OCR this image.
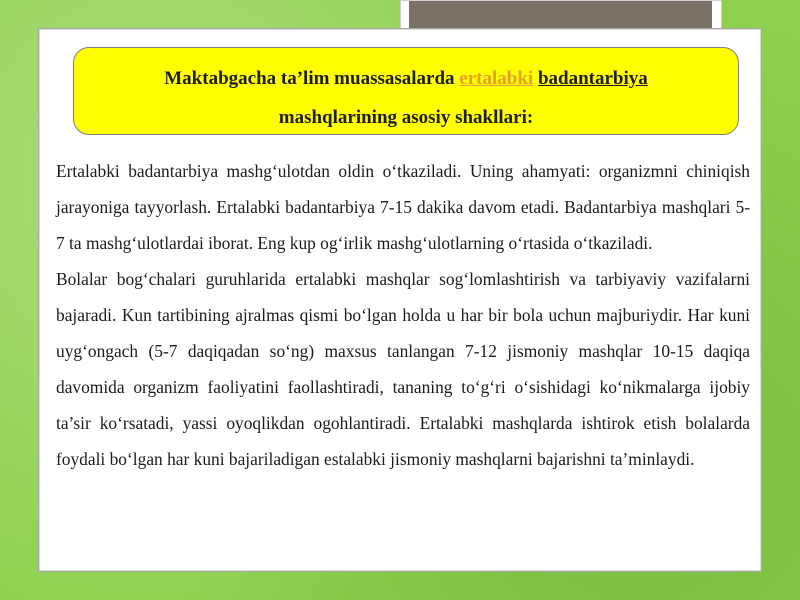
Maktabgacha ta’lim muassasalarda ertalabki badantarbiya

mashqlarining asosiy shakllari:

Ertalabki badantarbiya mashg‘ulotdan oldin o‘tkaziladi. Uning ahamyati: organizmni chiniqish jarayoniga tayyorlash. Ertalabki badantarbiya 7-15 dakika davom etadi. Badantarbiya mashqlari 5-7 ta mashg‘ulotlardai iborat. Eng kup og‘irlik mashg‘ulotlarning o‘rtasida o‘tkaziladi.

Bolalar bog‘chalari guruhlarida ertalabki mashqlar sog‘lomlashtirish va tarbiyaviy vazifalarni bajaradi. Kun tartibining ajralmas qismi bo‘lgan holda u har bir bola uchun majburiydir. Har kuni uyg‘ongach (5-7 daqiqadan so‘ng) maxsus tanlangan 7-12 jismoniy mashqlar 10-15 daqiqa davomida organizm faoliyatini faollashtiradi, tananing to‘g‘ri o‘sishidagi ko‘nikmalarga ijobiy ta’sir ko‘rsatadi, yassi oyoqlikdan ogohlantiradi. Ertalabki mashqlarda ishtirok etish bolalarda foydali bo‘lgan har kuni bajariladigan estalabki jismoniy mashqlarni bajarishni ta’minlaydi.
